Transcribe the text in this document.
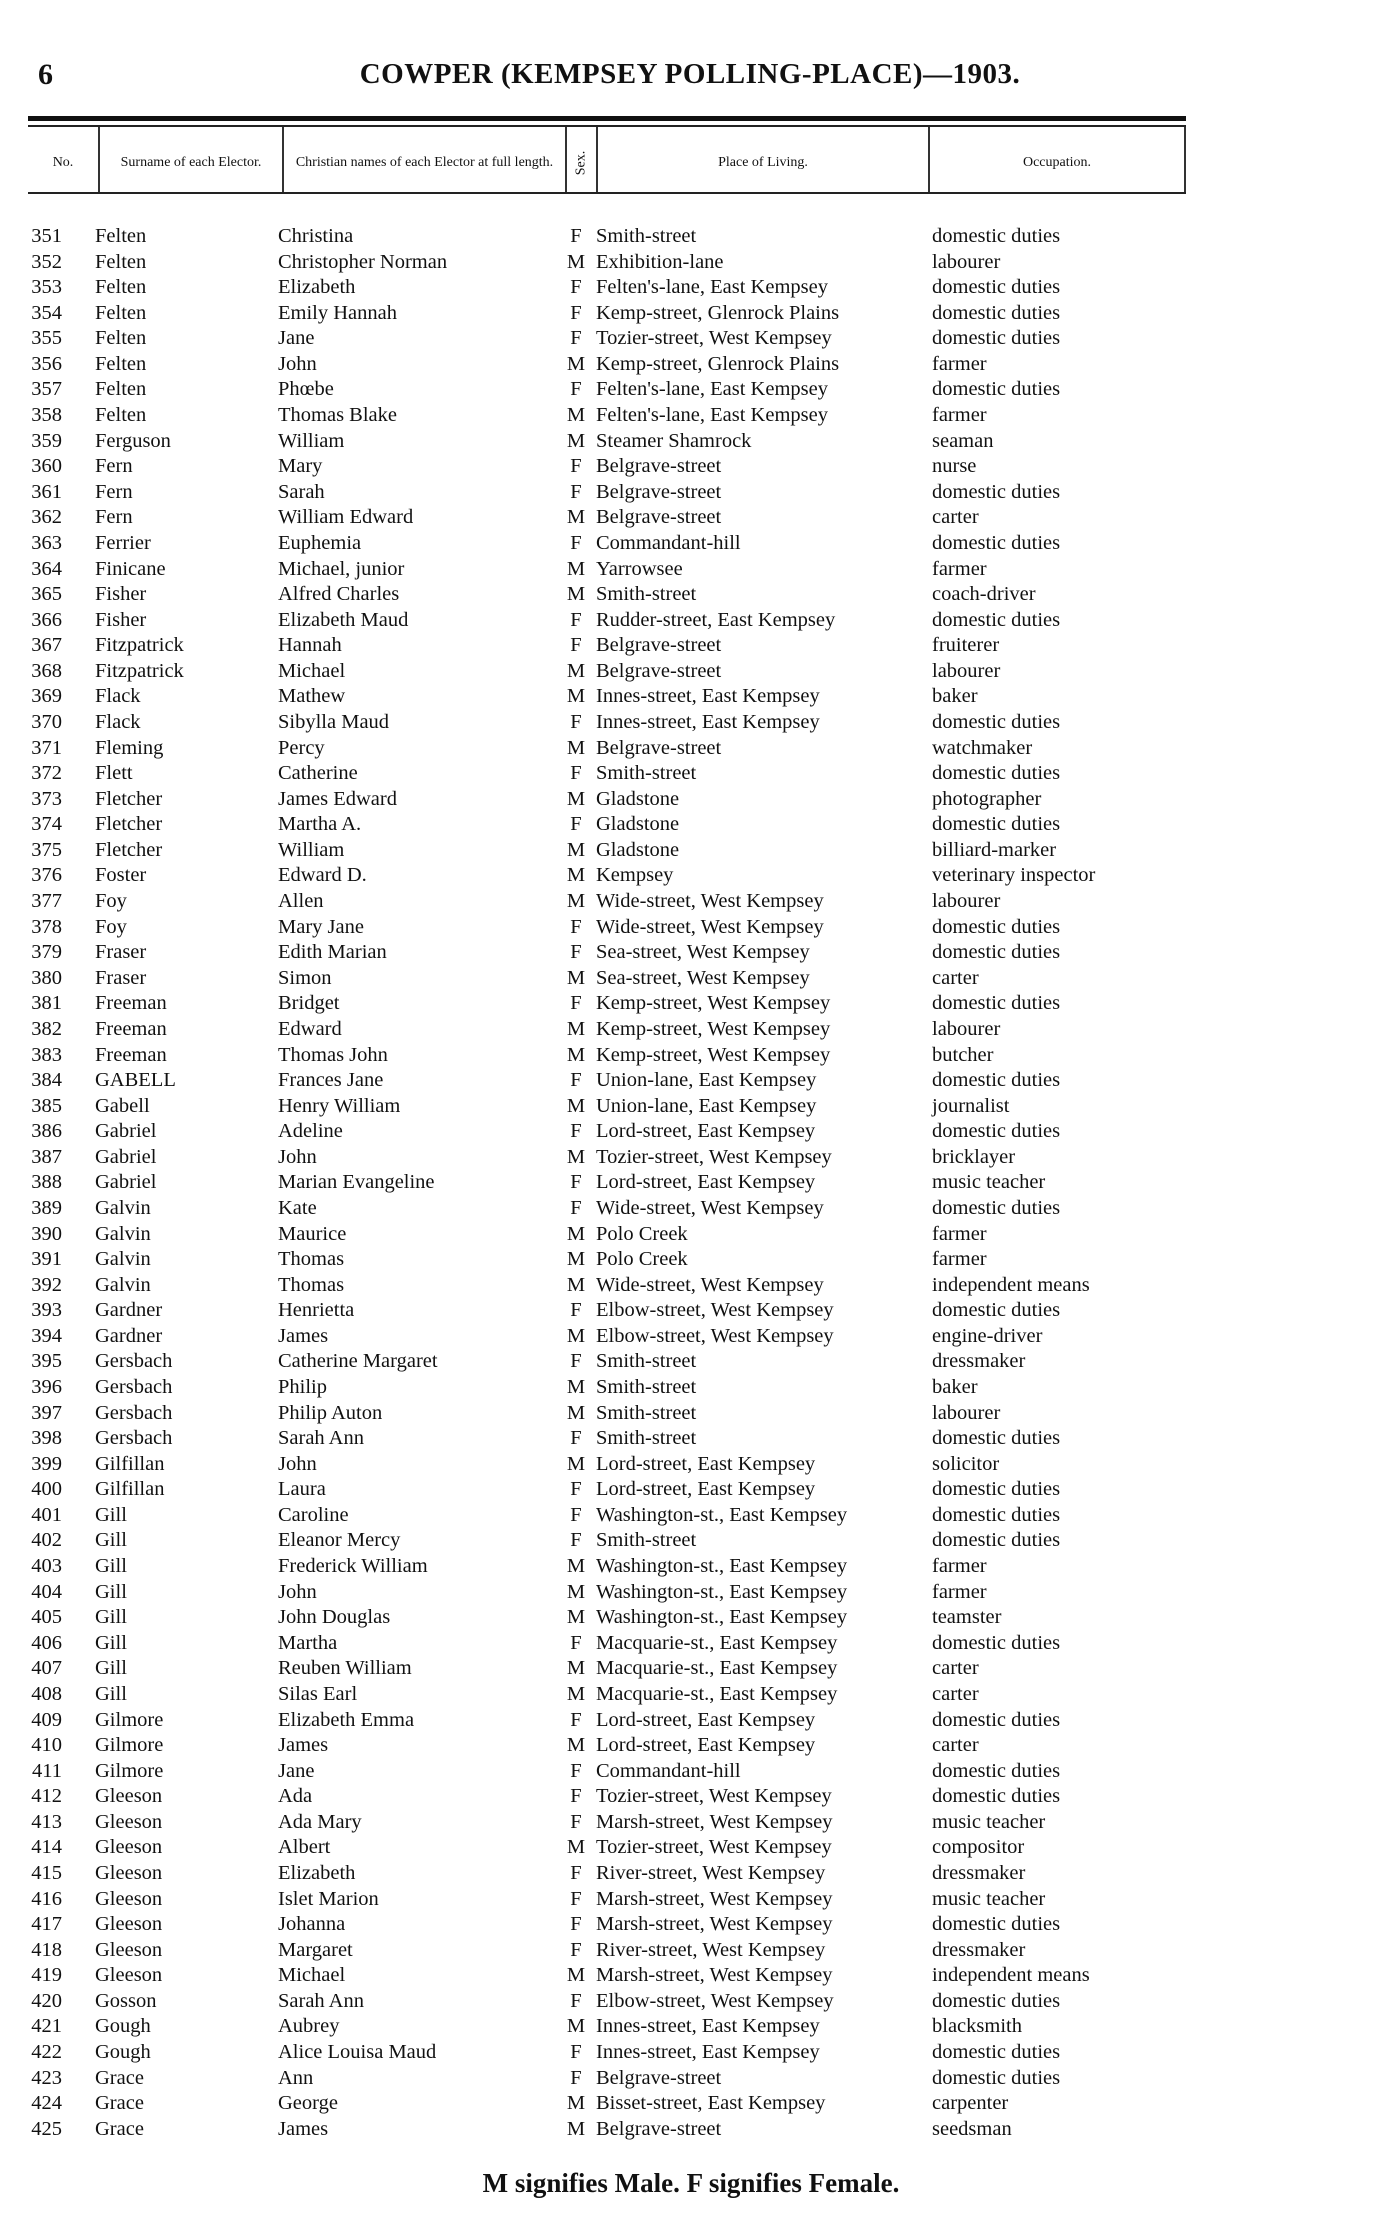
6	COWPER (KEMPSEY POLLING-PLACE)—1903.
No.	Surname of each Elector.	Christian names of each Elector at full length.	Sex.	Place of Living.	Occupation.
351 Felten	Christina	F Smith-street	domestic duties
352 Felten	Christopher Norman	M Exhibition-lane	labourer
353 Felten	Elizabeth	F Felten's-lane, East Kempsey	domestic duties
354 Felten	Emily Hannah	F Kemp-street, Glenrock Plains	domestic duties
355 Felten	Jane	F Tozier-street, West Kempsey	domestic duties
356 Felten	John	M Kemp-street, Glenrock Plains	farmer
357 Felten	Phœbe	F Felten's-lane, East Kempsey	domestic duties
358 Felten	Thomas Blake	M Felten's-lane, East Kempsey	farmer
359 Ferguson	William	M Steamer Shamrock	seaman
360 Fern	Mary	F Belgrave-street	nurse
361 Fern	Sarah	F Belgrave-street	domestic duties
362 Fern	William Edward	M Belgrave-street	carter
363 Ferrier	Euphemia	F Commandant-hill	domestic duties
364 Finicane	Michael, junior	M Yarrowsee	farmer
365 Fisher	Alfred Charles	M Smith-street	coach-driver
366 Fisher	Elizabeth Maud	F Rudder-street, East Kempsey	domestic duties
367 Fitzpatrick	Hannah	F Belgrave-street	fruiterer
368 Fitzpatrick	Michael	M Belgrave-street	labourer
369 Flack	Mathew	M Innes-street, East Kempsey	baker
370 Flack	Sibylla Maud	F Innes-street, East Kempsey	domestic duties
371 Fleming	Percy	M Belgrave-street	watchmaker
372 Flett	Catherine	F Smith-street	domestic duties
373 Fletcher	James Edward	M Gladstone	photographer
374 Fletcher	Martha A.	F Gladstone	domestic duties
375 Fletcher	William	M Gladstone	billiard-marker
376 Foster	Edward D.	M Kempsey	veterinary inspector
377 Foy	Allen	M Wide-street, West Kempsey	labourer
378 Foy	Mary Jane	F Wide-street, West Kempsey	domestic duties
379 Fraser	Edith Marian	F Sea-street, West Kempsey	domestic duties
380 Fraser	Simon	M Sea-street, West Kempsey	carter
381 Freeman	Bridget	F Kemp-street, West Kempsey	domestic duties
382 Freeman	Edward	M Kemp-street, West Kempsey	labourer
383 Freeman	Thomas John	M Kemp-street, West Kempsey	butcher
384 GABELL	Frances Jane	F Union-lane, East Kempsey	domestic duties
385 Gabell	Henry William	M Union-lane, East Kempsey	journalist
386 Gabriel	Adeline	F Lord-street, East Kempsey	domestic duties
387 Gabriel	John	M Tozier-street, West Kempsey	bricklayer
388 Gabriel	Marian Evangeline	F Lord-street, East Kempsey	music teacher
389 Galvin	Kate	F Wide-street, West Kempsey	domestic duties
390 Galvin	Maurice	M Polo Creek	farmer
391 Galvin	Thomas	M Polo Creek	farmer
392 Galvin	Thomas	M Wide-street, West Kempsey	independent means
393 Gardner	Henrietta	F Elbow-street, West Kempsey	domestic duties
394 Gardner	James	M Elbow-street, West Kempsey	engine-driver
395 Gersbach	Catherine Margaret	F Smith-street	dressmaker
396 Gersbach	Philip	M Smith-street	baker
397 Gersbach	Philip Auton	M Smith-street	labourer
398 Gersbach	Sarah Ann	F Smith-street	domestic duties
399 Gilfillan	John	M Lord-street, East Kempsey	solicitor
400 Gilfillan	Laura	F Lord-street, East Kempsey	domestic duties
401 Gill	Caroline	F Washington-st., East Kempsey	domestic duties
402 Gill	Eleanor Mercy	F Smith-street	domestic duties
403 Gill	Frederick William	M Washington-st., East Kempsey	farmer
404 Gill	John	M Washington-st., East Kempsey	farmer
405 Gill	John Douglas	M Washington-st., East Kempsey	teamster
406 Gill	Martha	F Macquarie-st., East Kempsey	domestic duties
407 Gill	Reuben William	M Macquarie-st., East Kempsey	carter
408 Gill	Silas Earl	M Macquarie-st., East Kempsey	carter
409 Gilmore	Elizabeth Emma	F Lord-street, East Kempsey	domestic duties
410 Gilmore	James	M Lord-street, East Kempsey	carter
411 Gilmore	Jane	F Commandant-hill	domestic duties
412 Gleeson	Ada	F Tozier-street, West Kempsey	domestic duties
413 Gleeson	Ada Mary	F Marsh-street, West Kempsey	music teacher
414 Gleeson	Albert	M Tozier-street, West Kempsey	compositor
415 Gleeson	Elizabeth	F River-street, West Kempsey	dressmaker
416 Gleeson	Islet Marion	F Marsh-street, West Kempsey	music teacher
417 Gleeson	Johanna	F Marsh-street, West Kempsey	domestic duties
418 Gleeson	Margaret	F River-street, West Kempsey	dressmaker
419 Gleeson	Michael	M Marsh-street, West Kempsey	independent means
420 Gosson	Sarah Ann	F Elbow-street, West Kempsey	domestic duties
421 Gough	Aubrey	M Innes-street, East Kempsey	blacksmith
422 Gough	Alice Louisa Maud	F Innes-street, East Kempsey	domestic duties
423 Grace	Ann	F Belgrave-street	domestic duties
424 Grace	George	M Bisset-street, East Kempsey	carpenter
425 Grace	James	M Belgrave-street	seedsman
M signifies Male. F signifies Female.
